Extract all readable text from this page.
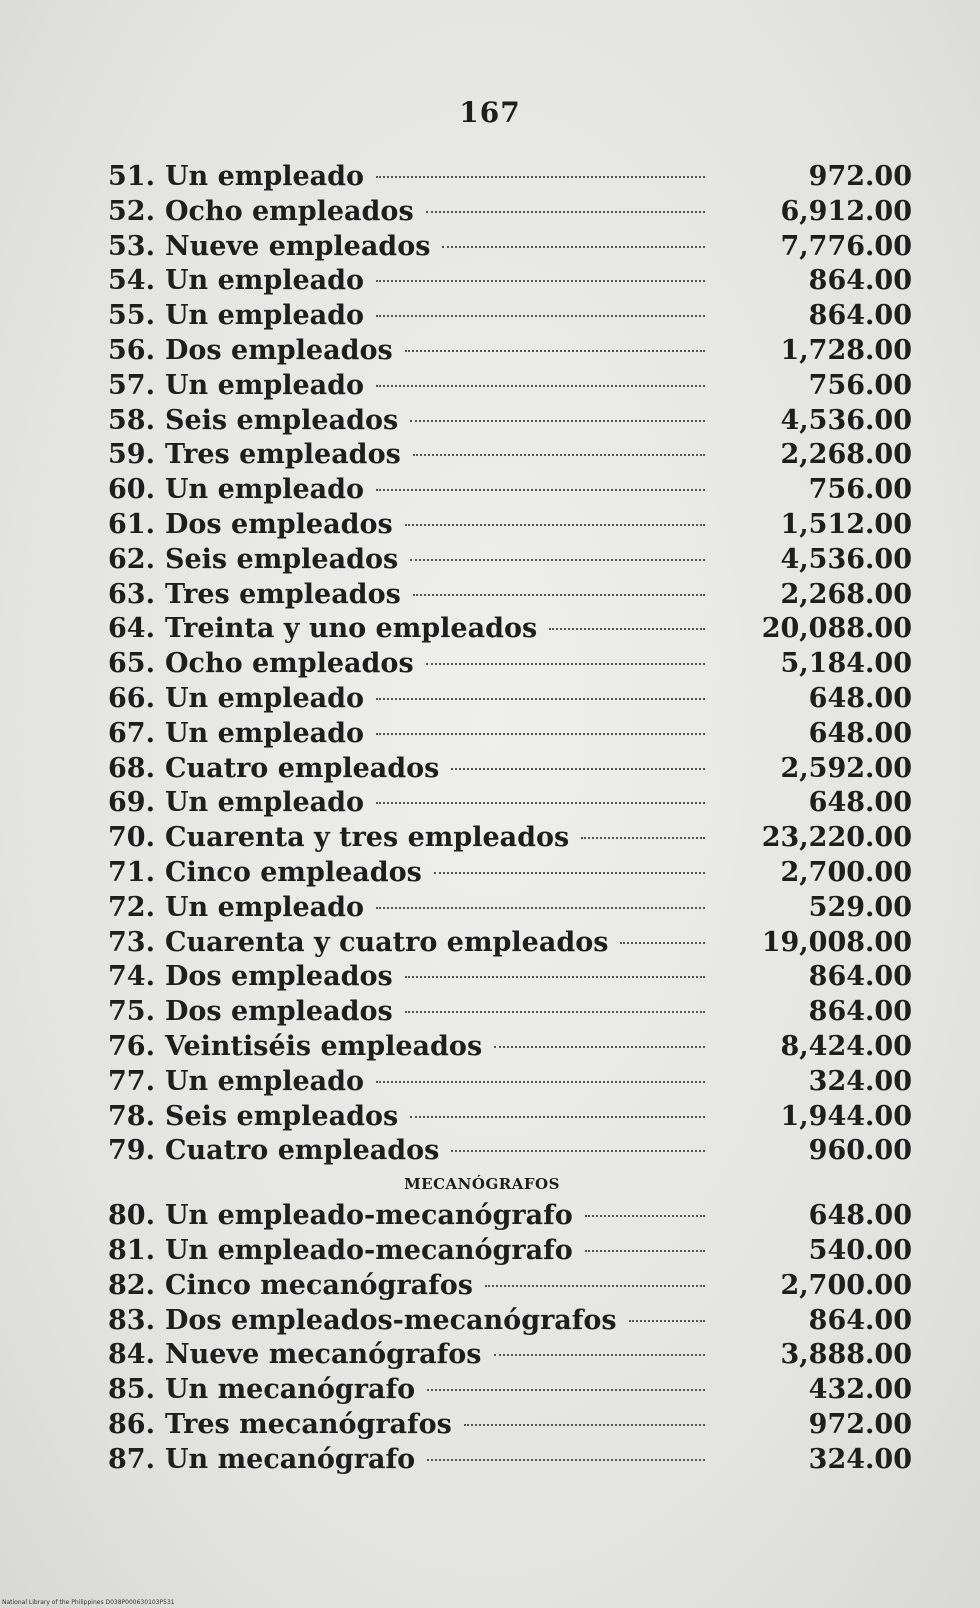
167
51. Un empleado	972.00
52. Ocho empleados	6,912.00
53. Nueve empleados	7,776.00
54. Un empleado	864.00
55. Un empleado	864.00
56. Dos empleados	1,728.00
57. Un empleado	756.00
58. Seis empleados	4,536.00
59. Tres empleados	2,268.00
60. Un empleado	756.00
61. Dos empleados	1,512.00
62. Seis empleados	4,536.00
63. Tres empleados	2,268.00
64. Treinta y uno empleados	20,088.00
65. Ocho empleados	5,184.00
66. Un empleado	648.00
67. Un empleado	648.00
68. Cuatro empleados	2,592.00
69. Un empleado	648.00
70. Cuarenta y tres empleados	23,220.00
71. Cinco empleados	2,700.00
72. Un empleado	529.00
73. Cuarenta y cuatro empleados	19,008.00
74. Dos empleados	864.00
75. Dos empleados	864.00
76. Veintiséis empleados	8,424.00
77. Un empleado	324.00
78. Seis empleados	1,944.00
79. Cuatro empleados	960.00
MECANÓGRAFOS
80. Un empleado-mecanógrafo	648.00
81. Un empleado-mecanógrafo	540.00
82. Cinco mecanógrafos	2,700.00
83. Dos empleados-mecanógrafos	864.00
84. Nueve mecanógrafos	3,888.00
85. Un mecanógrafo	432.00
86. Tres mecanógrafos	972.00
87. Un mecanógrafo	324.00
National Library of the Philippines D038P000630103P531
